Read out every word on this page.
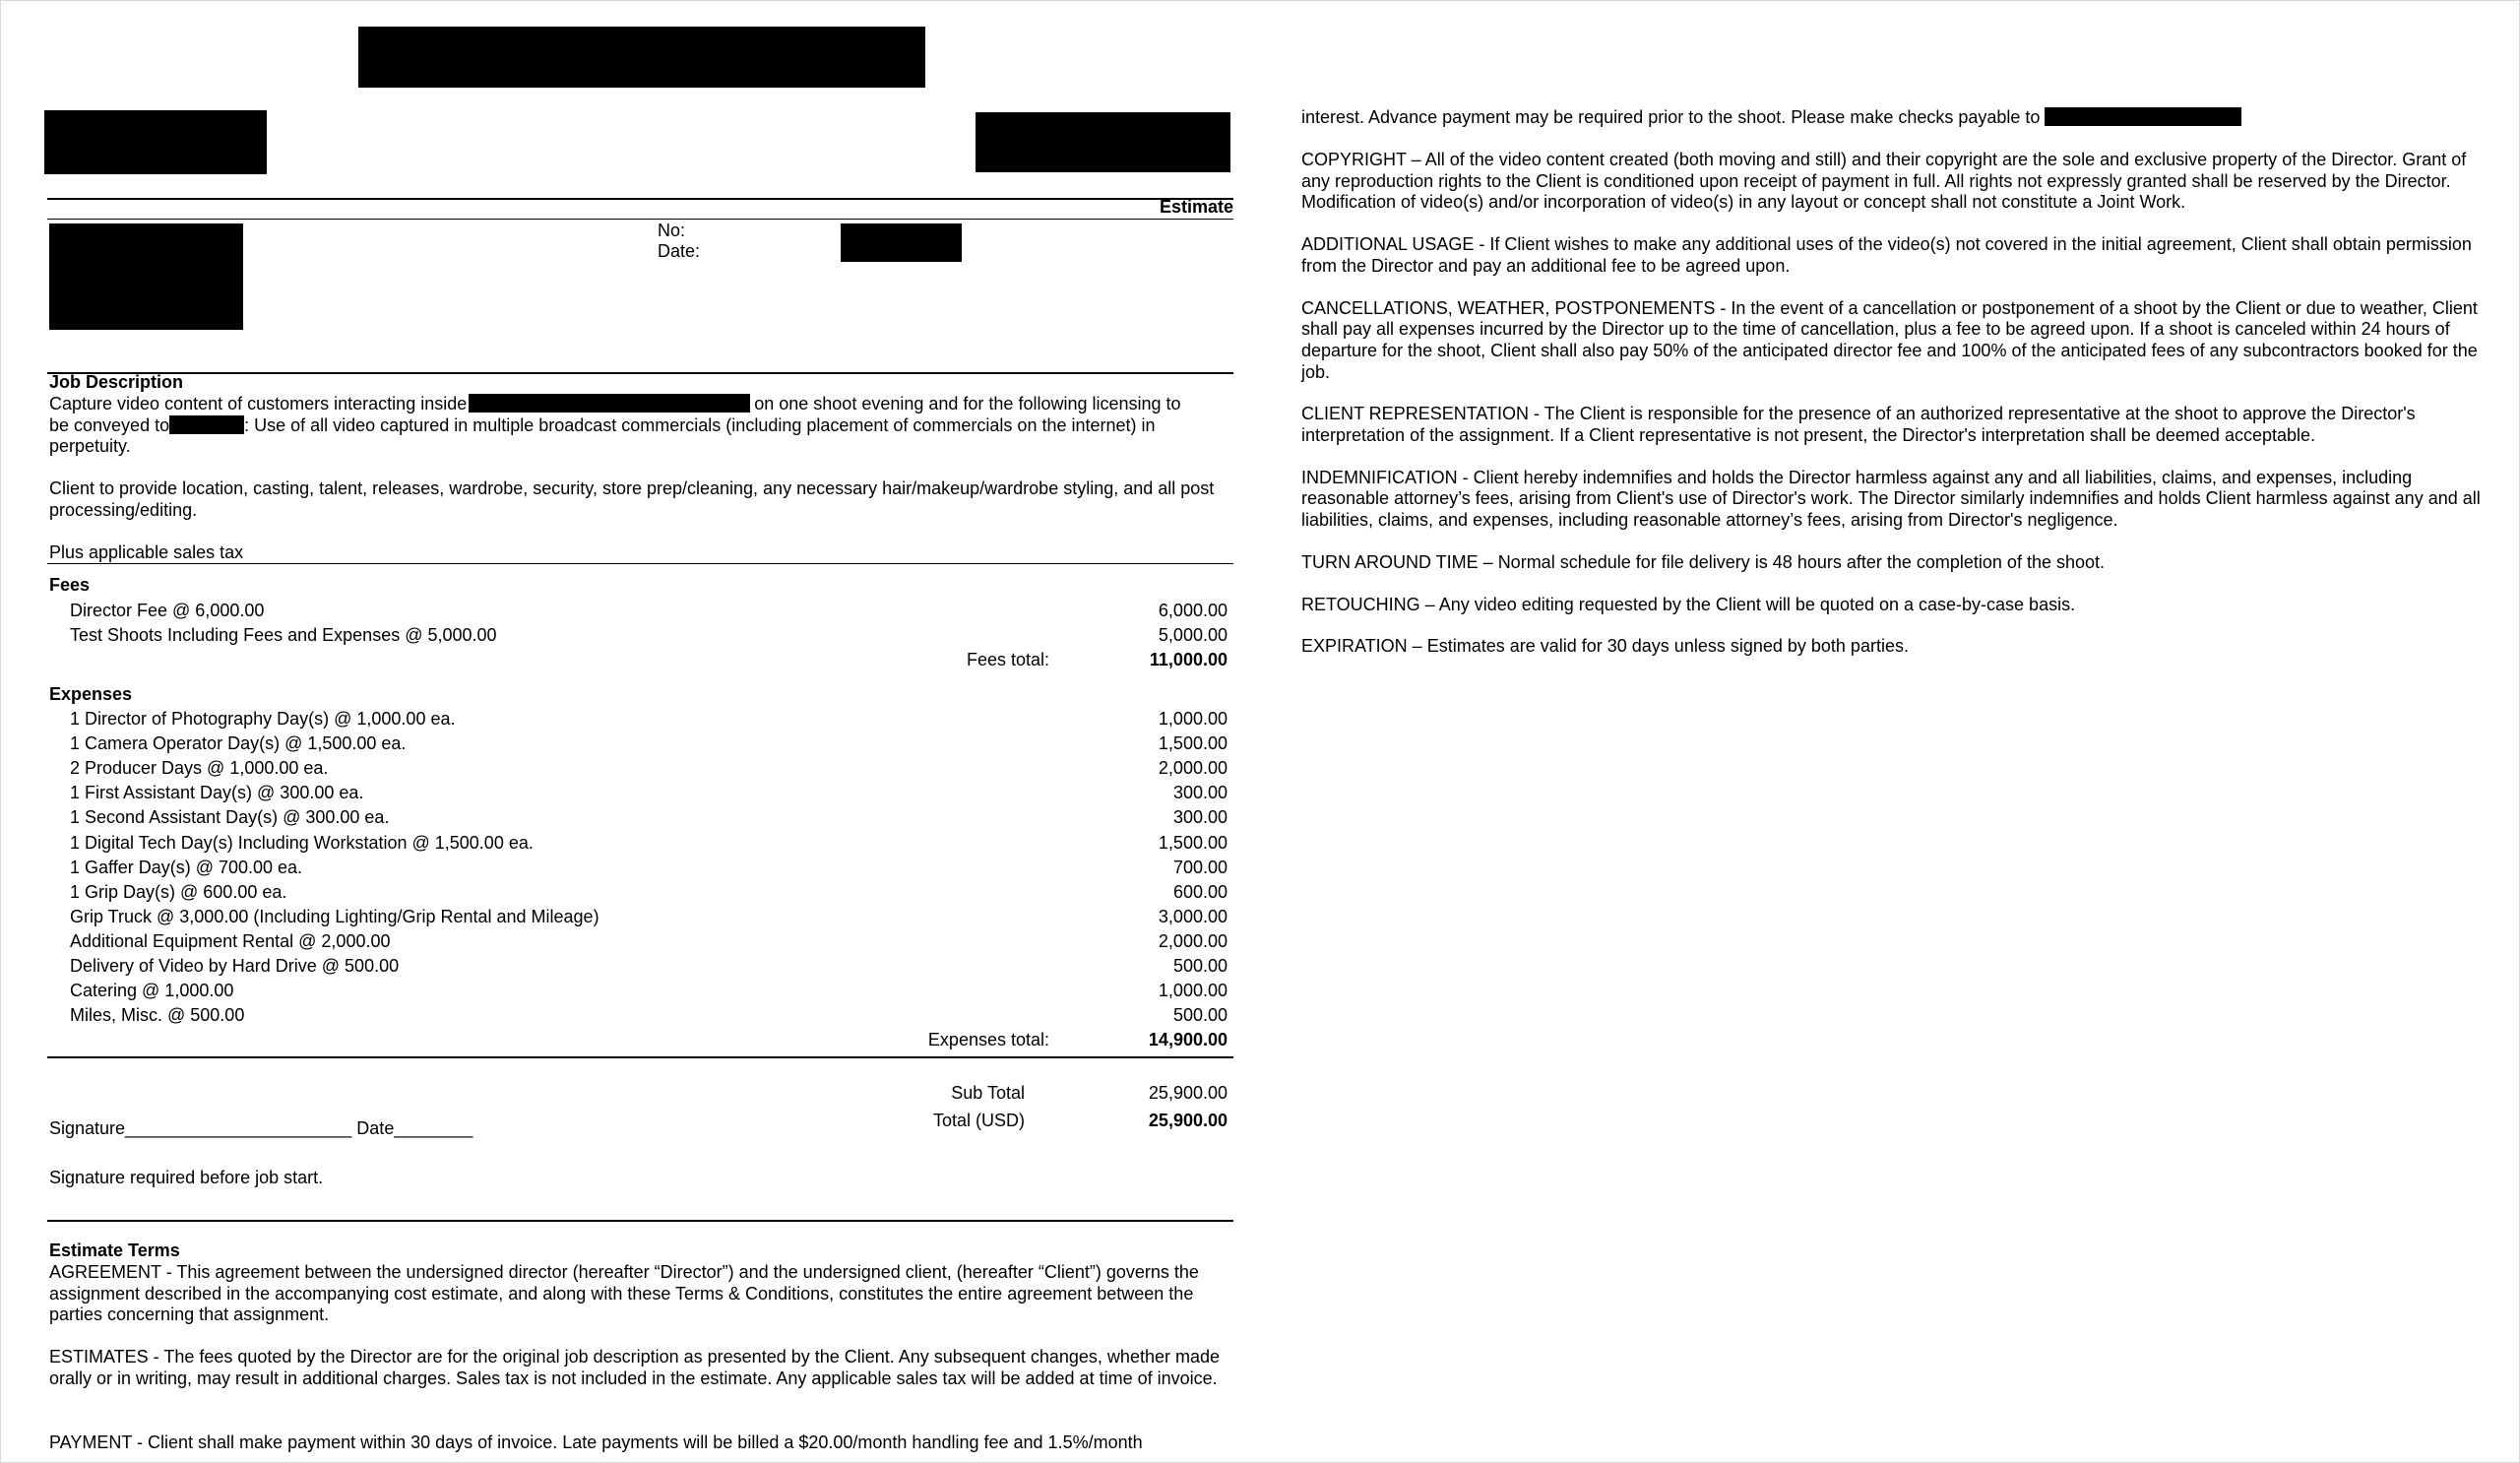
Estimate
No:
Date:
Job Description
Capture video content of customers interacting inside	on one shoot evening and for the following licensing to
be conveyed to	: Use of all video captured in multiple broadcast commercials (including placement of commercials on the internet) in
perpetuity.
Client to provide location, casting, talent, releases, wardrobe, security, store prep/cleaning, any necessary hair/makeup/wardrobe styling, and all post processing/editing.
Plus applicable sales tax
Fees
Director Fee @ 6,000.00	6,000.00
Test Shoots Including Fees and Expenses @ 5,000.00	5,000.00
Fees total:	11,000.00
Expenses
1 Director of Photography Day(s) @ 1,000.00 ea.	1,000.00
1 Camera Operator Day(s) @ 1,500.00 ea.	1,500.00
2 Producer Days @ 1,000.00 ea.	2,000.00
1 First Assistant Day(s) @ 300.00 ea.	300.00
1 Second Assistant Day(s) @ 300.00 ea.	300.00
1 Digital Tech Day(s) Including Workstation @ 1,500.00 ea.	1,500.00
1 Gaffer Day(s) @ 700.00 ea.	700.00
1 Grip Day(s) @ 600.00 ea.	600.00
Grip Truck @ 3,000.00 (Including Lighting/Grip Rental and Mileage)	3,000.00
Additional Equipment Rental @ 2,000.00	2,000.00
Delivery of Video by Hard Drive @ 500.00	500.00
Catering @ 1,000.00	1,000.00
Miles, Misc. @ 500.00	500.00
Expenses total:	14,900.00
Sub Total	25,900.00
Total (USD)	25,900.00
Signature_______________________ Date________
Signature required before job start.
Estimate Terms
AGREEMENT - This agreement between the undersigned director (hereafter “Director”) and the undersigned client, (hereafter “Client”) governs the assignment described in the accompanying cost estimate, and along with these Terms & Conditions, constitutes the entire agreement between the parties concerning that assignment.
ESTIMATES - The fees quoted by the Director are for the original job description as presented by the Client. Any subsequent changes, whether made orally or in writing, may result in additional charges. Sales tax is not included in the estimate. Any applicable sales tax will be added at time of invoice.
PAYMENT - Client shall make payment within 30 days of invoice. Late payments will be billed a $20.00/month handling fee and 1.5%/month
interest. Advance payment may be required prior to the shoot. Please make checks payable to

COPYRIGHT – All of the video content created (both moving and still) and their copyright are the sole and exclusive property of the Director. Grant of any reproduction rights to the Client is conditioned upon receipt of payment in full. All rights not expressly granted shall be reserved by the Director. Modification of video(s) and/or incorporation of video(s) in any layout or concept shall not constitute a Joint Work.

ADDITIONAL USAGE - If Client wishes to make any additional uses of the video(s) not covered in the initial agreement, Client shall obtain permission from the Director and pay an additional fee to be agreed upon.

CANCELLATIONS, WEATHER, POSTPONEMENTS - In the event of a cancellation or postponement of a shoot by the Client or due to weather, Client shall pay all expenses incurred by the Director up to the time of cancellation, plus a fee to be agreed upon. If a shoot is canceled within 24 hours of departure for the shoot, Client shall also pay 50% of the anticipated director fee and 100% of the anticipated fees of any subcontractors booked for the job.

CLIENT REPRESENTATION - The Client is responsible for the presence of an authorized representative at the shoot to approve the Director's interpretation of the assignment. If a Client representative is not present, the Director's interpretation shall be deemed acceptable.

INDEMNIFICATION - Client hereby indemnifies and holds the Director harmless against any and all liabilities, claims, and expenses, including reasonable attorney’s fees, arising from Client's use of Director's work. The Director similarly indemnifies and holds Client harmless against any and all liabilities, claims, and expenses, including reasonable attorney’s fees, arising from Director's negligence.

TURN AROUND TIME – Normal schedule for file delivery is 48 hours after the completion of the shoot.

RETOUCHING – Any video editing requested by the Client will be quoted on a case-by-case basis.

EXPIRATION – Estimates are valid for 30 days unless signed by both parties.
